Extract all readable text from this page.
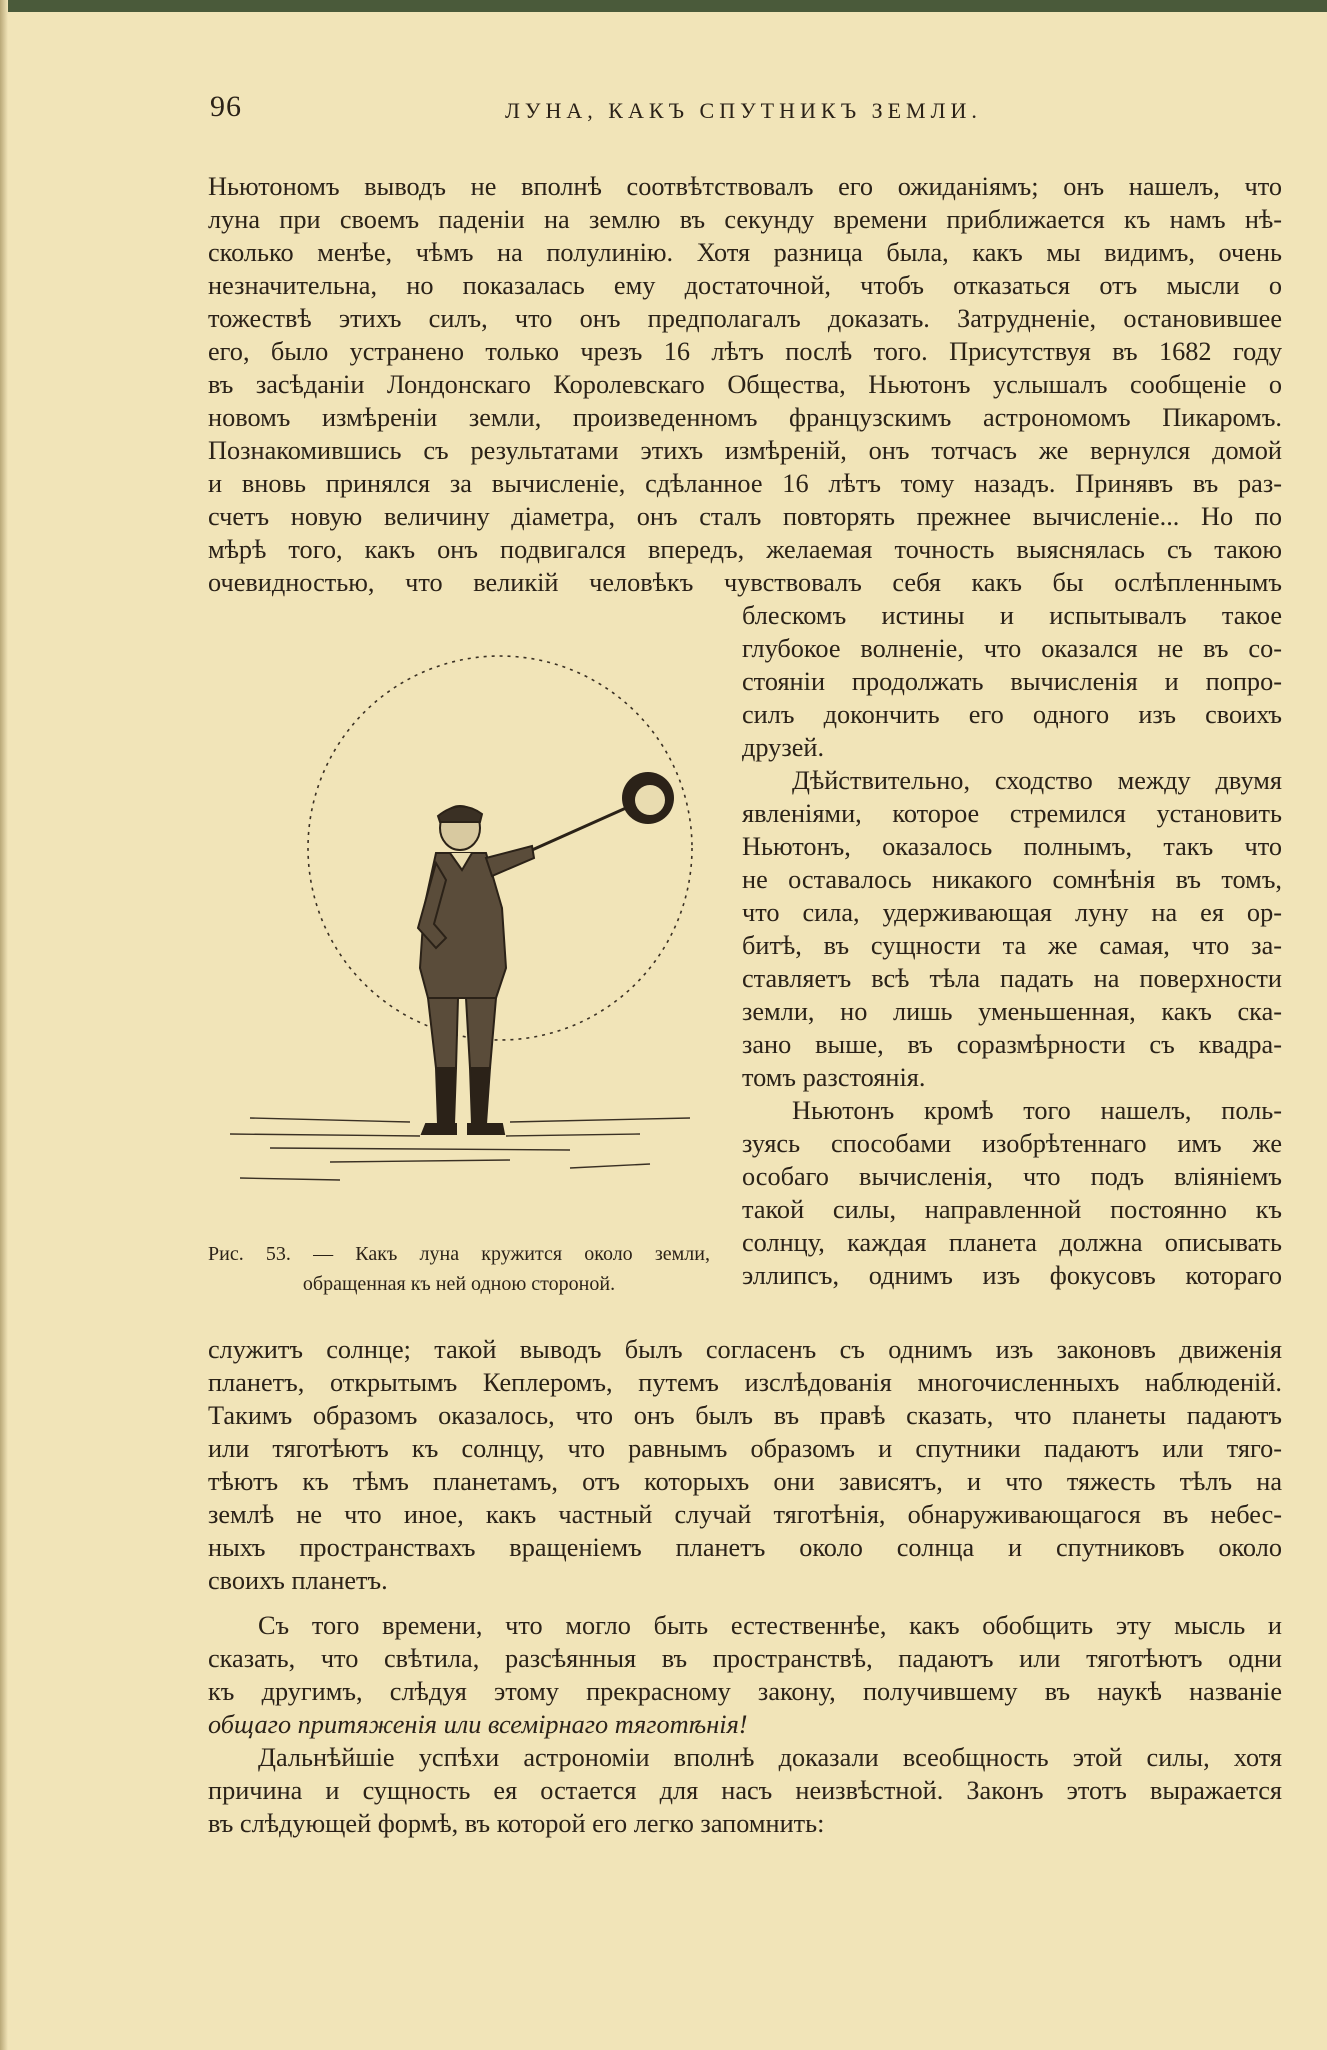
96	ЛУНА, КАКЪ СПУТНИКЪ ЗЕМЛИ.
Ньютономъ выводъ не вполнѣ соотвѣтствовалъ его ожиданіямъ; онъ нашелъ, что
луна при своемъ паденіи на землю въ секунду времени приближается къ намъ нѣ-
сколько менѣе, чѣмъ на полулинію. Хотя разница была, какъ мы видимъ, очень
незначительна, но показалась ему достаточной, чтобъ отказаться отъ мысли о
тожествѣ этихъ силъ, что онъ предполагалъ доказать. Затрудненіе, остановившее
его, было устранено только чрезъ 16 лѣтъ послѣ того. Присутствуя въ 1682 году
въ засѣданіи Лондонскаго Королевскаго Общества, Ньютонъ услышалъ сообщеніе о
новомъ измѣреніи земли, произведенномъ французскимъ астрономомъ Пикаромъ.
Познакомившись съ результатами этихъ измѣреній, онъ тотчасъ же вернулся домой
и вновь принялся за вычисленіе, сдѣланное 16 лѣтъ тому назадъ. Принявъ въ раз-
счетъ новую величину діаметра, онъ сталъ повторять прежнее вычисленіе... Но по
мѣрѣ того, какъ онъ подвигался впередъ, желаемая точность выяснялась съ такою
очевидностью, что великій человѣкъ чувствовалъ себя какъ бы ослѣпленнымъ
блескомъ истины и испытывалъ такое
глубокое волненіе, что оказался не въ со-
стояніи продолжать вычисленія и попро-
силъ докончить его одного изъ своихъ
друзей.
Дѣйствительно, сходство между двумя
явленіями, которое стремился установить
Ньютонъ, оказалось полнымъ, такъ что
не оставалось никакого сомнѣнія въ томъ,
что сила, удерживающая луну на ея ор-
битѣ, въ сущности та же самая, что за-
ставляетъ всѣ тѣла падать на поверхности
земли, но лишь уменьшенная, какъ ска-
зано выше, въ соразмѣрности съ квадра-
томъ разстоянія.
Ньютонъ кромѣ того нашелъ, поль-
зуясь способами изобрѣтеннаго имъ же
особаго вычисленія, что подъ вліяніемъ
такой силы, направленной постоянно къ
солнцу, каждая планета должна описывать
эллипсъ, однимъ изъ фокусовъ котораго
Рис. 53. — Какъ луна кружится около земли,
обращенная къ ней одною стороной.
служитъ солнце; такой выводъ былъ согласенъ съ однимъ изъ законовъ движенія
планетъ, открытымъ Кеплеромъ, путемъ изслѣдованія многочисленныхъ наблюденій.
Такимъ образомъ оказалось, что онъ былъ въ правѣ сказать, что планеты падаютъ
или тяготѣютъ къ солнцу, что равнымъ образомъ и спутники падаютъ или тяго-
тѣютъ къ тѣмъ планетамъ, отъ которыхъ они зависятъ, и что тяжесть тѣлъ на
землѣ не что иное, какъ частный случай тяготѣнія, обнаруживающагося въ небес-
ныхъ пространствахъ вращеніемъ планетъ около солнца и спутниковъ около
своихъ планетъ.
Съ того времени, что могло быть естественнѣе, какъ обобщить эту мысль и
сказать, что свѣтила, разсѣянныя въ пространствѣ, падаютъ или тяготѣютъ одни
къ другимъ, слѣдуя этому прекрасному закону, получившему въ наукѣ названіе
общаго притяженія или всемірнаго тяготѣнія!
Дальнѣйшіе успѣхи астрономіи вполнѣ доказали всеобщность этой силы, хотя
причина и сущность ея остается для насъ неизвѣстной. Законъ этотъ выражается
въ слѣдующей формѣ, въ которой его легко запомнить:
